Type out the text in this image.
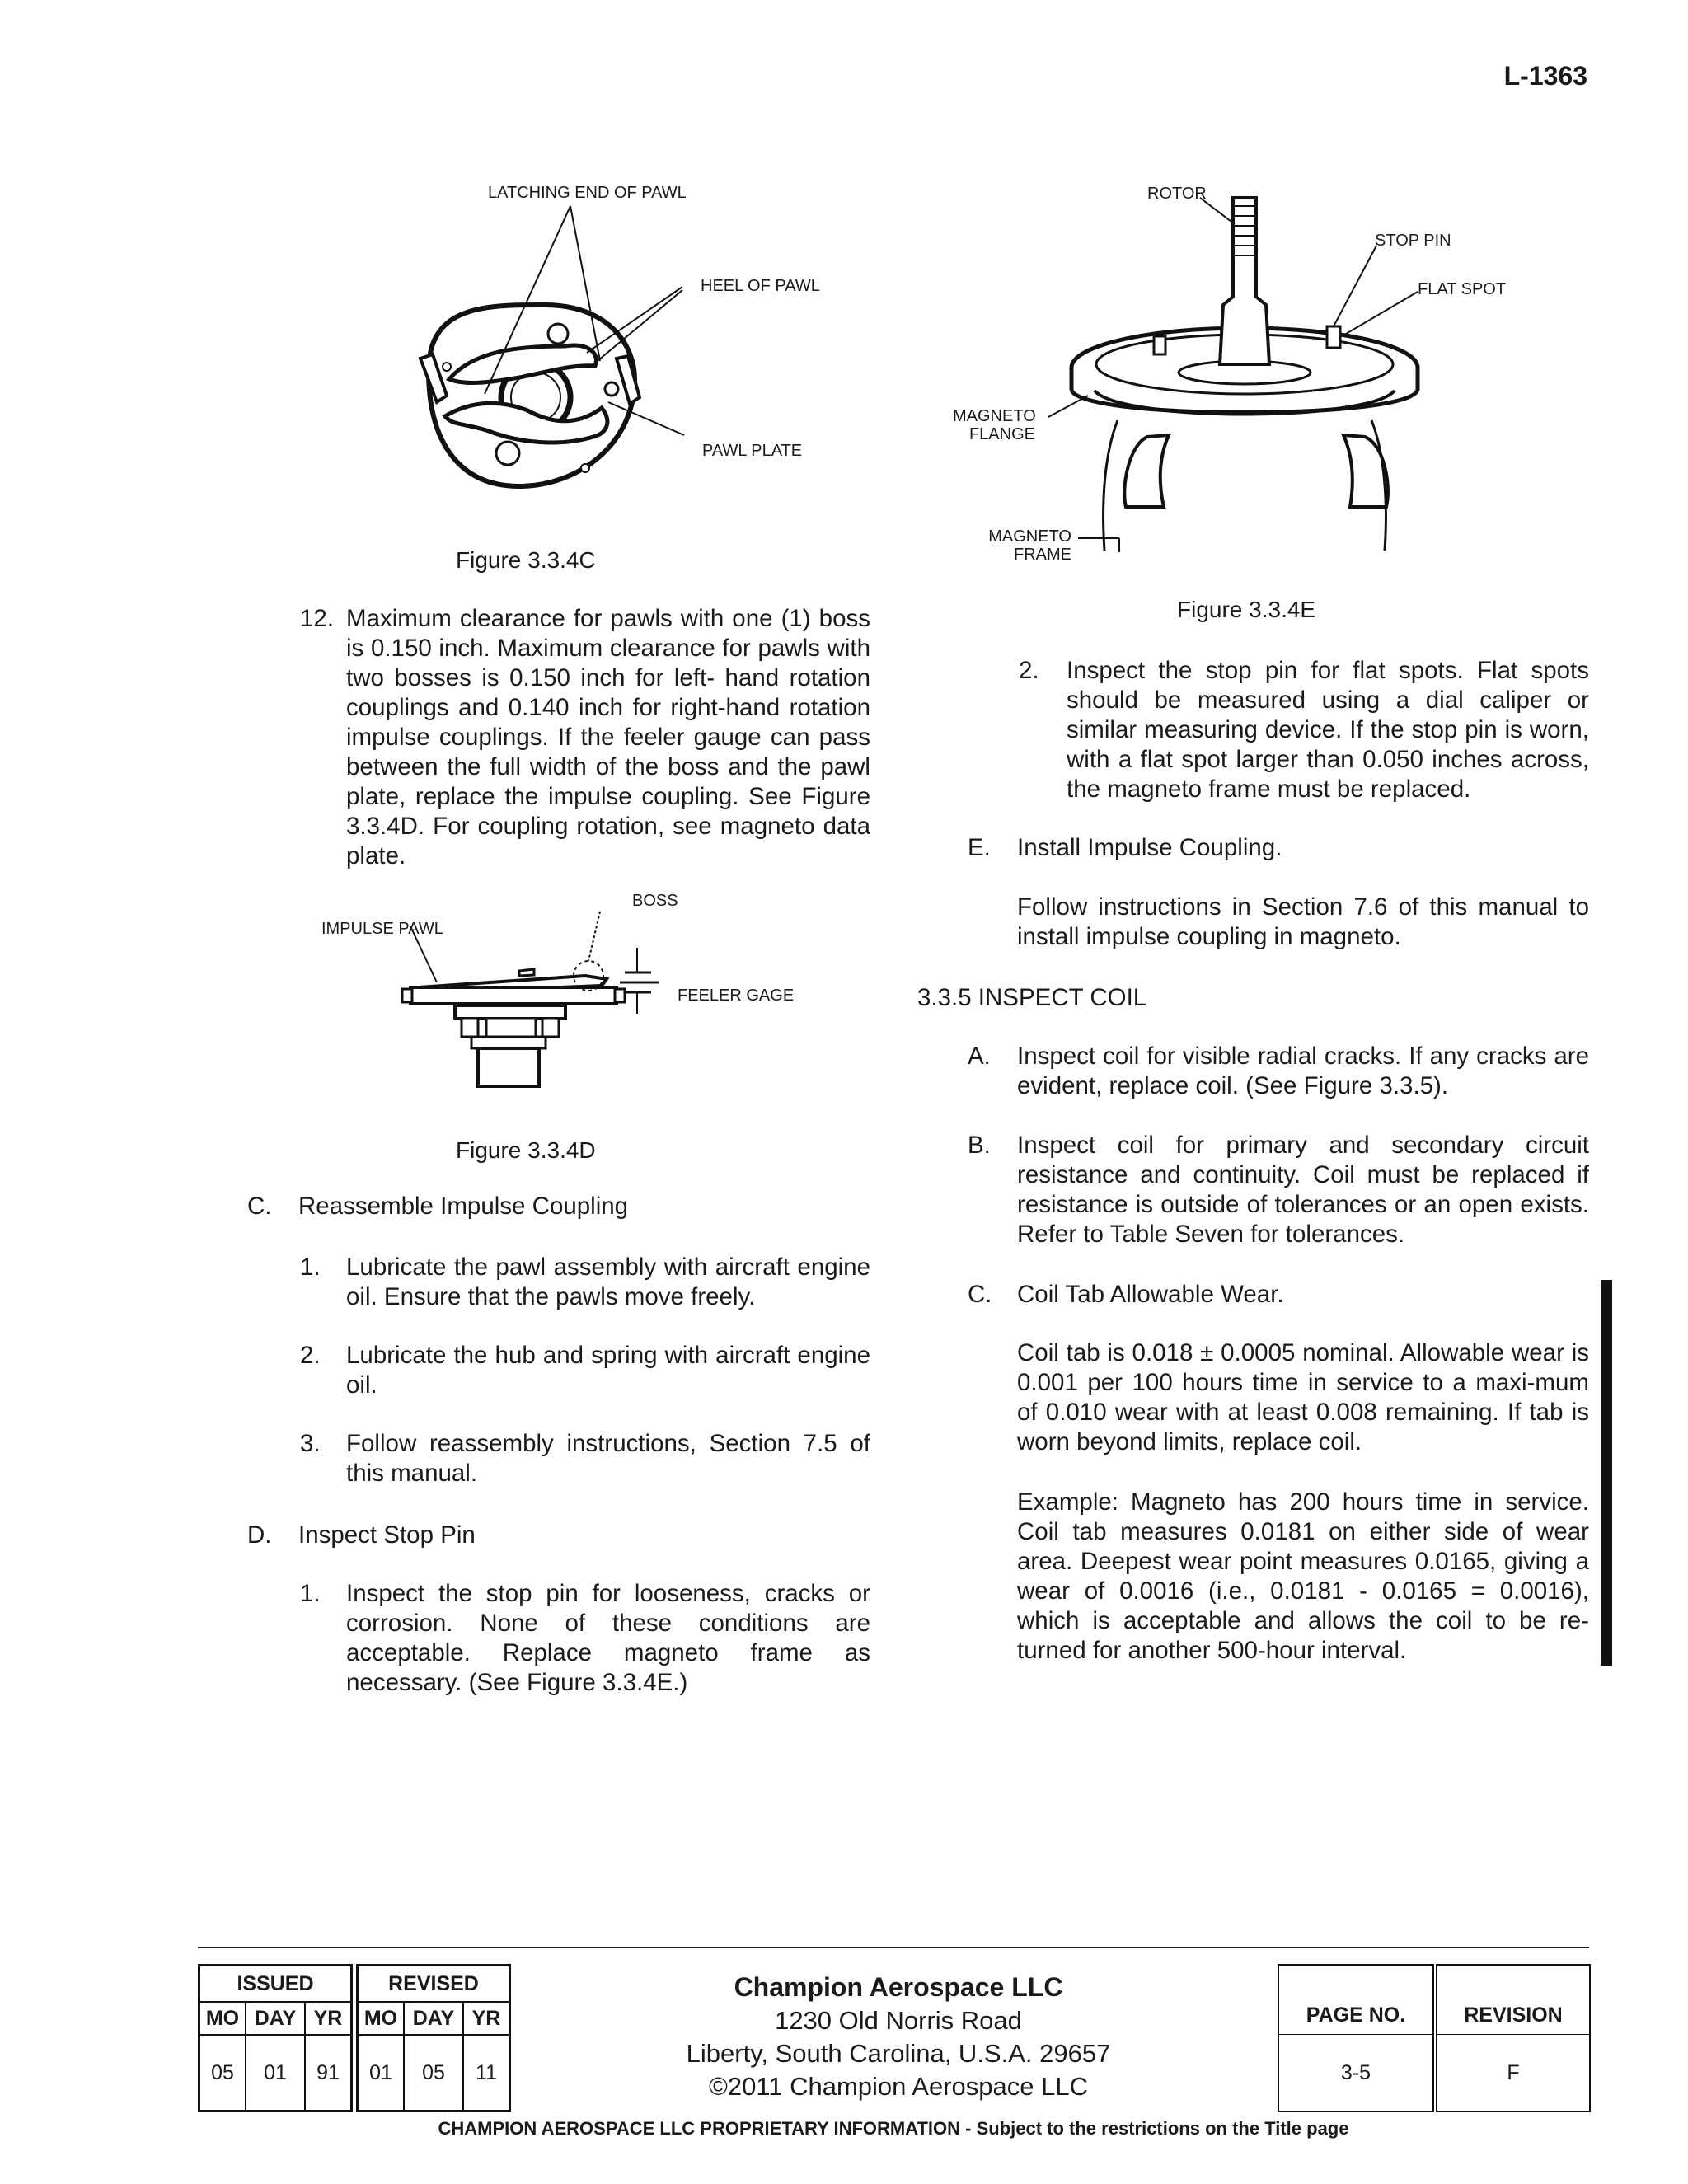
L-1363
LATCHING END OF PAWL
HEEL OF PAWL
PAWL PLATE
Figure 3.3.4C
12. Maximum clearance for pawls with one (1) boss is 0.150 inch. Maximum clearance for pawls with two bosses is 0.150 inch for left- hand rotation couplings and 0.140 inch for right-hand rotation impulse couplings. If the feeler gauge can pass between the full width of the boss and the pawl plate, replace the impulse coupling. See Figure 3.3.4D. For coupling rotation, see magneto data plate.
BOSS
IMPULSE PAWL
FEELER GAGE
Figure 3.3.4D
C. Reassemble Impulse Coupling
1. Lubricate the pawl assembly with aircraft engine oil. Ensure that the pawls move freely.
2. Lubricate the hub and spring with aircraft engine oil.
3. Follow reassembly instructions, Section 7.5 of this manual.
D. Inspect Stop Pin
1. Inspect the stop pin for looseness, cracks or corrosion. None of these conditions are acceptable. Replace magneto frame as necessary. (See Figure 3.3.4E.)
ROTOR
STOP PIN
FLAT SPOT
MAGNETO
FLANGE
MAGNETO
FRAME
Figure 3.3.4E
2. Inspect the stop pin for flat spots. Flat spots should be measured using a dial caliper or similar measuring device. If the stop pin is worn, with a flat spot larger than 0.050 inches across, the magneto frame must be replaced.
E. Install Impulse Coupling.
Follow instructions in Section 7.6 of this manual to install impulse coupling in magneto.
3.3.5 INSPECT COIL
A. Inspect coil for visible radial cracks. If any cracks are evident, replace coil. (See Figure 3.3.5).
B. Inspect coil for primary and secondary circuit resistance and continuity. Coil must be replaced if resistance is outside of tolerances or an open exists. Refer to Table Seven for tolerances.
C. Coil Tab Allowable Wear.
Coil tab is 0.018 ± 0.0005 nominal. Allowable wear is 0.001 per 100 hours time in service to a maxi-mum of 0.010 wear with at least 0.008 remaining. If tab is worn beyond limits, replace coil.
Example: Magneto has 200 hours time in service. Coil tab measures 0.0181 on either side of wear area. Deepest wear point measures 0.0165, giving a wear of 0.0016 (i.e., 0.0181 - 0.0165 = 0.0016), which is acceptable and allows the coil to be re-turned for another 500-hour interval.
ISSUED
MO DAY YR
05	01	91
REVISED
MO DAY YR
01	05	11
Champion Aerospace LLC
1230 Old Norris Road
Liberty, South Carolina, U.S.A. 29657
©2011 Champion Aerospace LLC
PAGE NO.
3-5
REVISION
F
CHAMPION AEROSPACE LLC PROPRIETARY INFORMATION - Subject to the restrictions on the Title page
